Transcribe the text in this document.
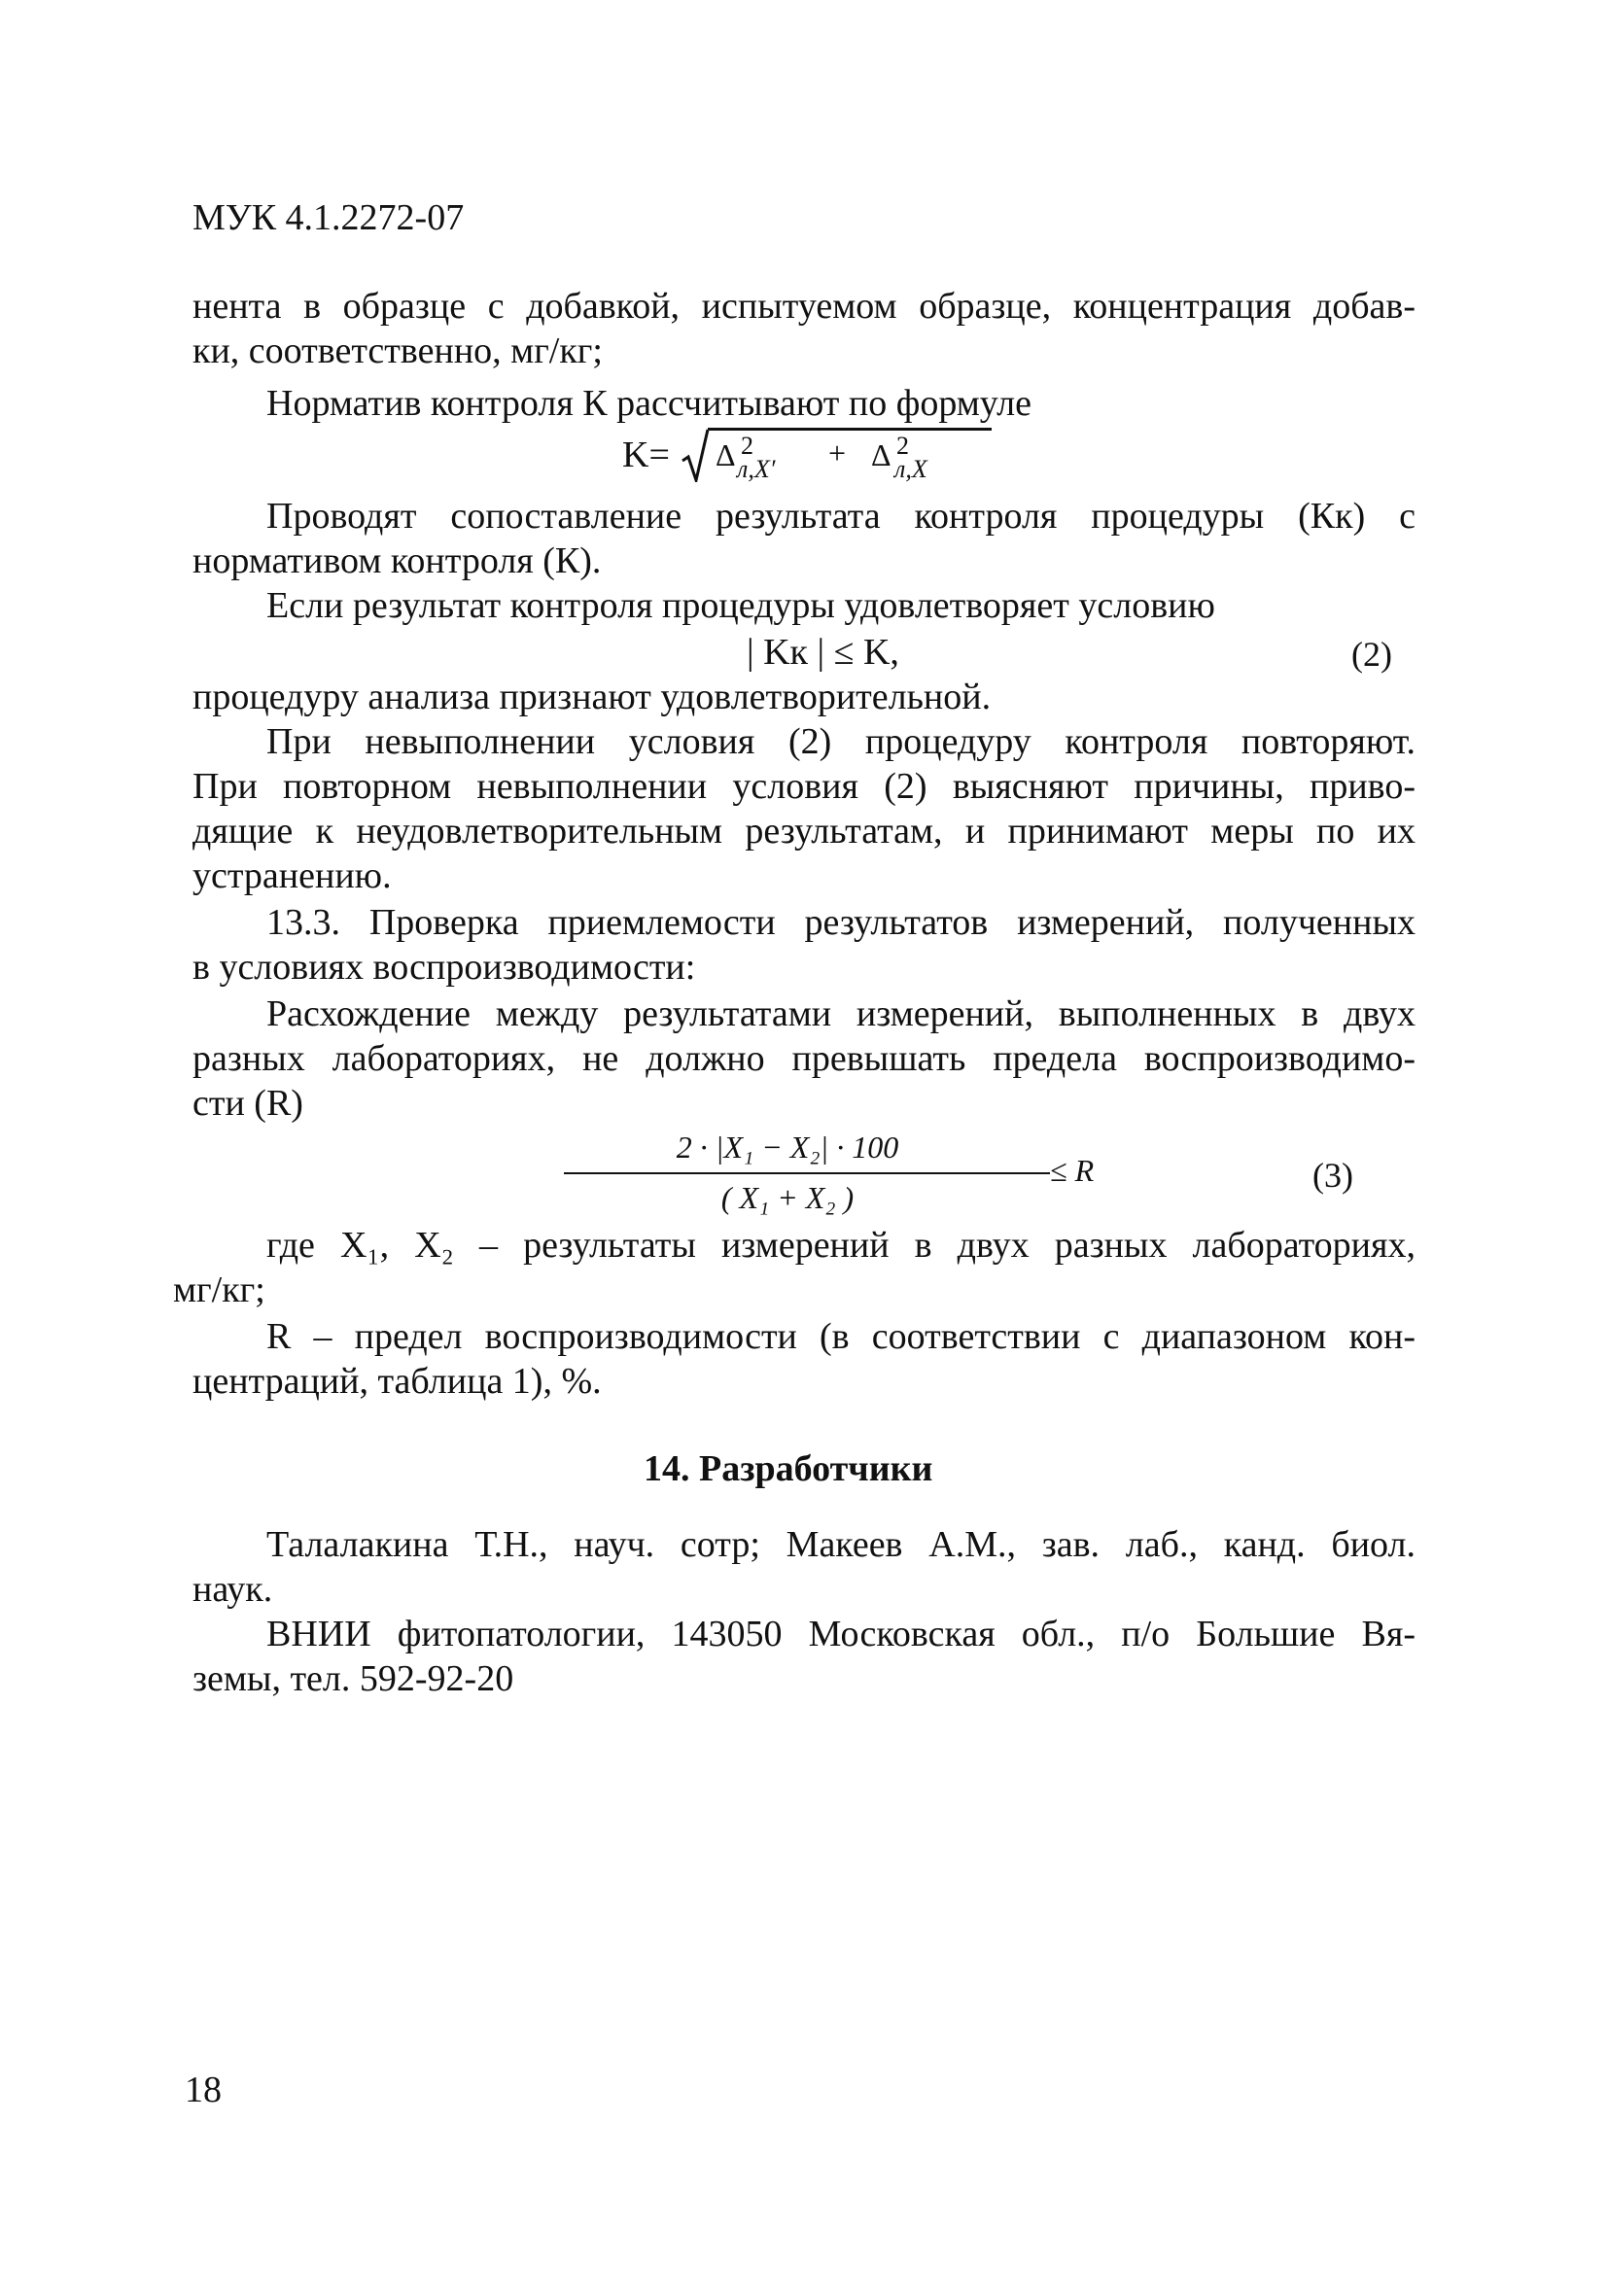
МУК 4.1.2272-07
нента в образце с добавкой, испытуемом образце, концентрация добав-
ки, соответственно, мг/кг;
Норматив контроля К рассчитывают по формуле
K= Δ 2
л,X′ + Δ 2
л,X
Проводят сопоставление результата контроля процедуры (Кк) с
нормативом контроля (К).
Если результат контроля процедуры удовлетворяет условию
| Kк | ≤ K,	(2)
процедуру анализа признают удовлетворительной.
При невыполнении условия (2) процедуру контроля повторяют.
При повторном невыполнении условия (2) выясняют причины, приво-
дящие к неудовлетворительным результатам, и принимают меры по их
устранению.
13.3. Проверка приемлемости результатов измерений, полученных
в условиях воспроизводимости:
Расхождение между результатами измерений, выполненных в двух
разных лабораториях, не должно превышать предела воспроизводимо-
сти (R)
2 · |X₁ − X₂| · 100
( X₁ + X₂ )
≤ R	(3)
где X₁, X₂ – результаты измерений в двух разных лабораториях,
мг/кг;
R – предел воспроизводимости (в соответствии с диапазоном кон-
центраций, таблица 1), %.
14. Разработчики
Талалакина Т.Н., науч. сотр; Макеев А.М., зав. лаб., канд. биол.
наук.
ВНИИ фитопатологии, 143050 Московская обл., п/о Большие Вя-
земы, тел. 592-92-20
18
